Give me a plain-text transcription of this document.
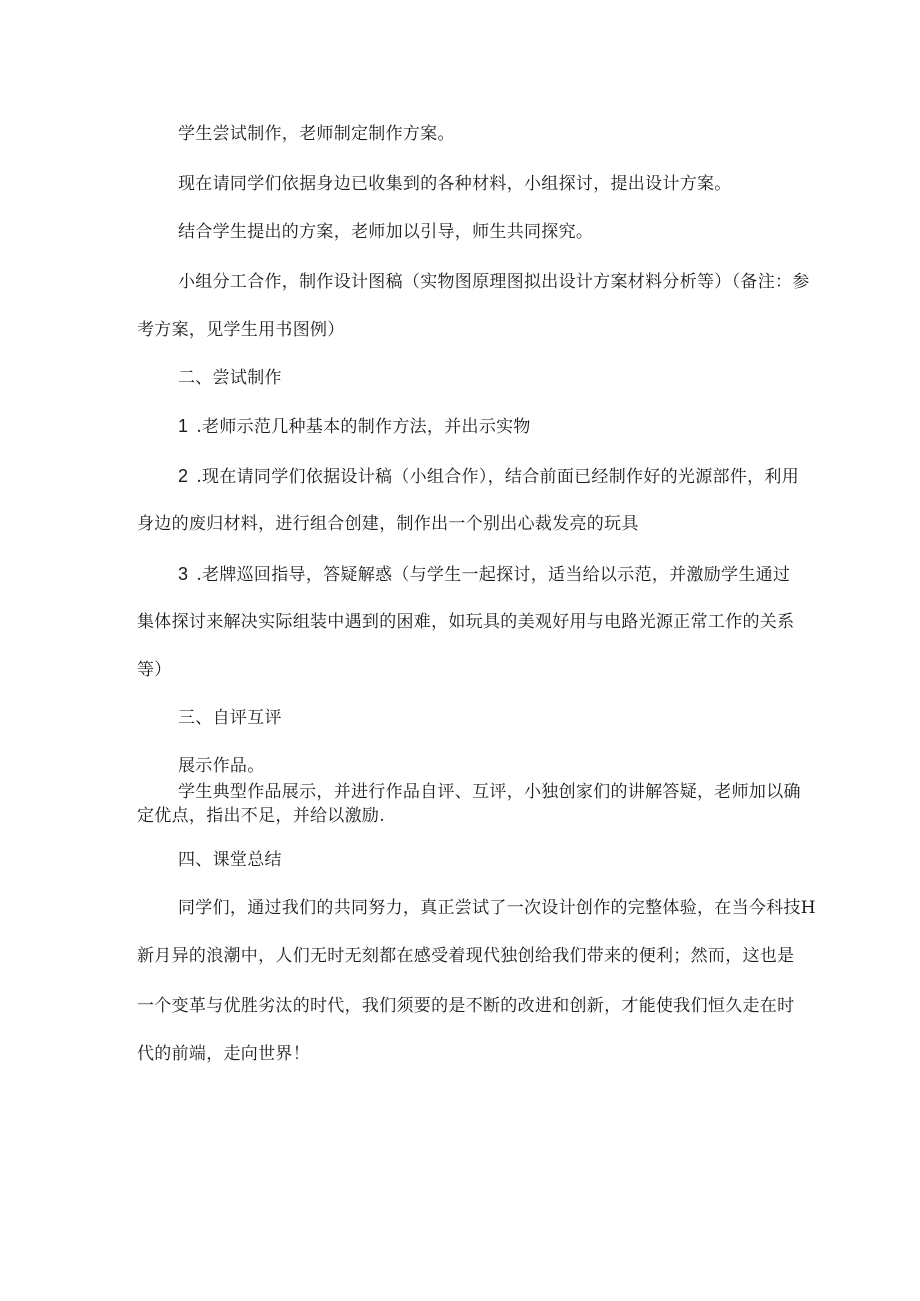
学生尝试制作，老师制定制作方案。
现在请同学们依据身边已收集到的各种材料，小组探讨，提出设计方案。
结合学生提出的方案，老师加以引导，师生共同探究。
小组分工合作，制作设计图稿（实物图原理图拟出设计方案材料分析等）（备注：参
考方案，见学生用书图例）
二、尝试制作
1 .老师示范几种基本的制作方法，并出示实物
2 .现在请同学们依据设计稿（小组合作），结合前面已经制作好的光源部件，利用
身边的废归材料，进行组合创建，制作出一个别出心裁发亮的玩具
3 .老牌巡回指导，答疑解惑（与学生一起探讨，适当给以示范，并激励学生通过
集体探讨来解决实际组装中遇到的困难，如玩具的美观好用与电路光源正常工作的关系
等）
三、自评互评
展示作品。
学生典型作品展示，并进行作品自评、互评，小独创家们的讲解答疑，老师加以确
定优点，指出不足，并给以激励.
四、课堂总结
同学们，通过我们的共同努力，真正尝试了一次设计创作的完整体验，在当今科技H
新月异的浪潮中，人们无时无刻都在感受着现代独创给我们带来的便利；然而，这也是
一个变革与优胜劣汰的时代，我们须要的是不断的改进和创新，才能使我们恒久走在时
代的前端，走向世界！
